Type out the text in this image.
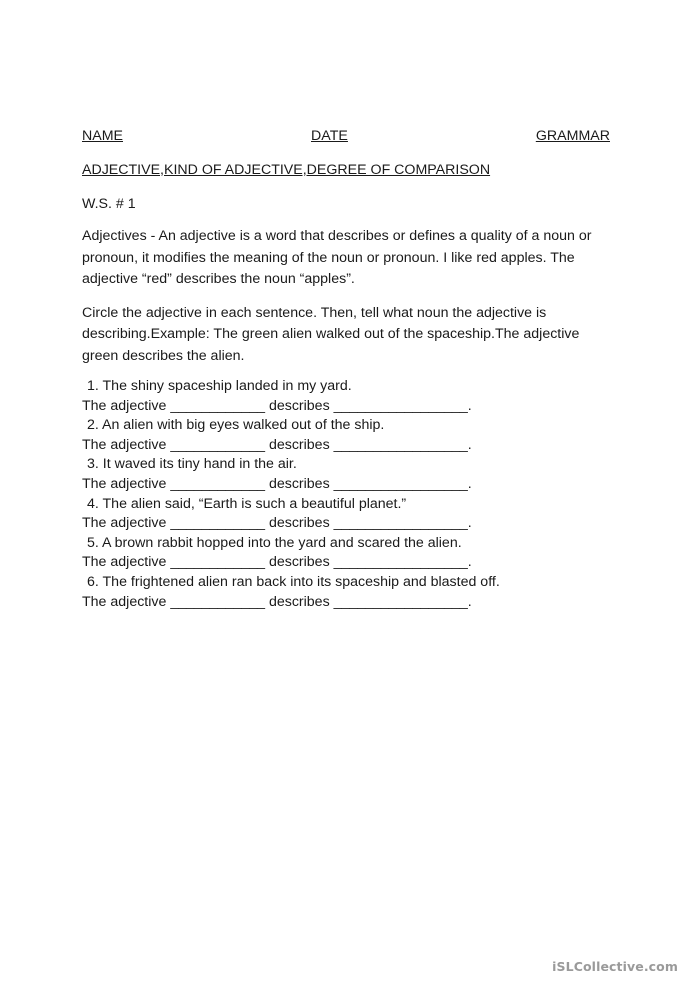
NAME	DATE	GRAMMAR
ADJECTIVE,KIND OF ADJECTIVE,DEGREE OF COMPARISON
W.S. # 1
Adjectives - An adjective is a word that describes or defines a quality of a noun or pronoun, it modifies the meaning of the noun or pronoun. I like red apples. The adjective “red” describes the noun “apples”.
Circle the adjective in each sentence. Then, tell what noun the adjective is describing.Example: The green alien walked out of the spaceship.The adjective green describes the alien.
1. The shiny spaceship landed in my yard.
The adjective ____________ describes _________________.
2. An alien with big eyes walked out of the ship.
The adjective ____________ describes _________________.
3. It waved its tiny hand in the air.
The adjective ____________ describes _________________.
4. The alien said, “Earth is such a beautiful planet.”
The adjective ____________ describes _________________.
5. A brown rabbit hopped into the yard and scared the alien.
The adjective ____________ describes _________________.
6. The frightened alien ran back into its spaceship and blasted off.
The adjective ____________ describes _________________.
iSLCollective.com
